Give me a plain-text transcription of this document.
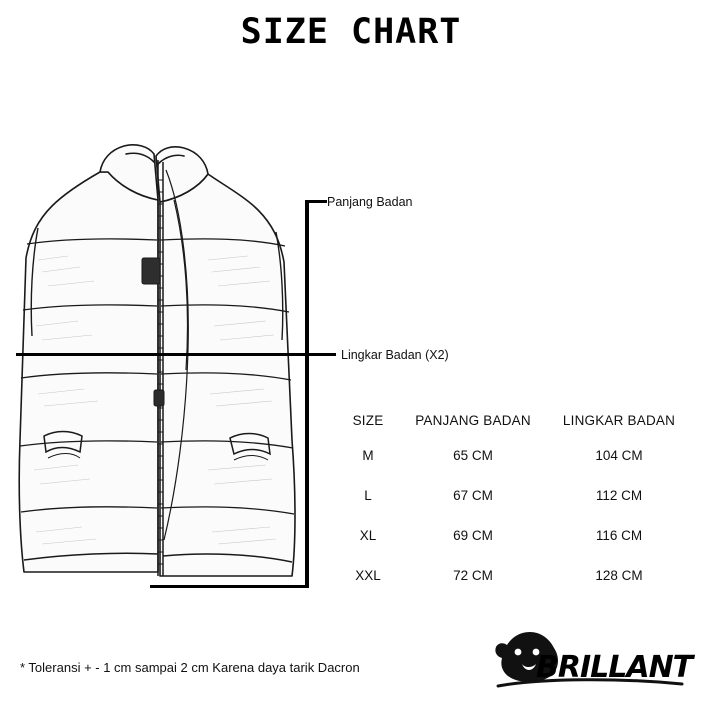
SIZE CHART
Panjang Badan
Lingkar Badan (X2)
SIZE	PANJANG BADAN	LINGKAR BADAN
M	65 CM	104 CM
L	67 CM	112 CM
XL	69 CM	116 CM
XXL	72 CM	128 CM
* Toleransi + - 1 cm sampai 2 cm Karena daya tarik Dacron	BRILLANT
